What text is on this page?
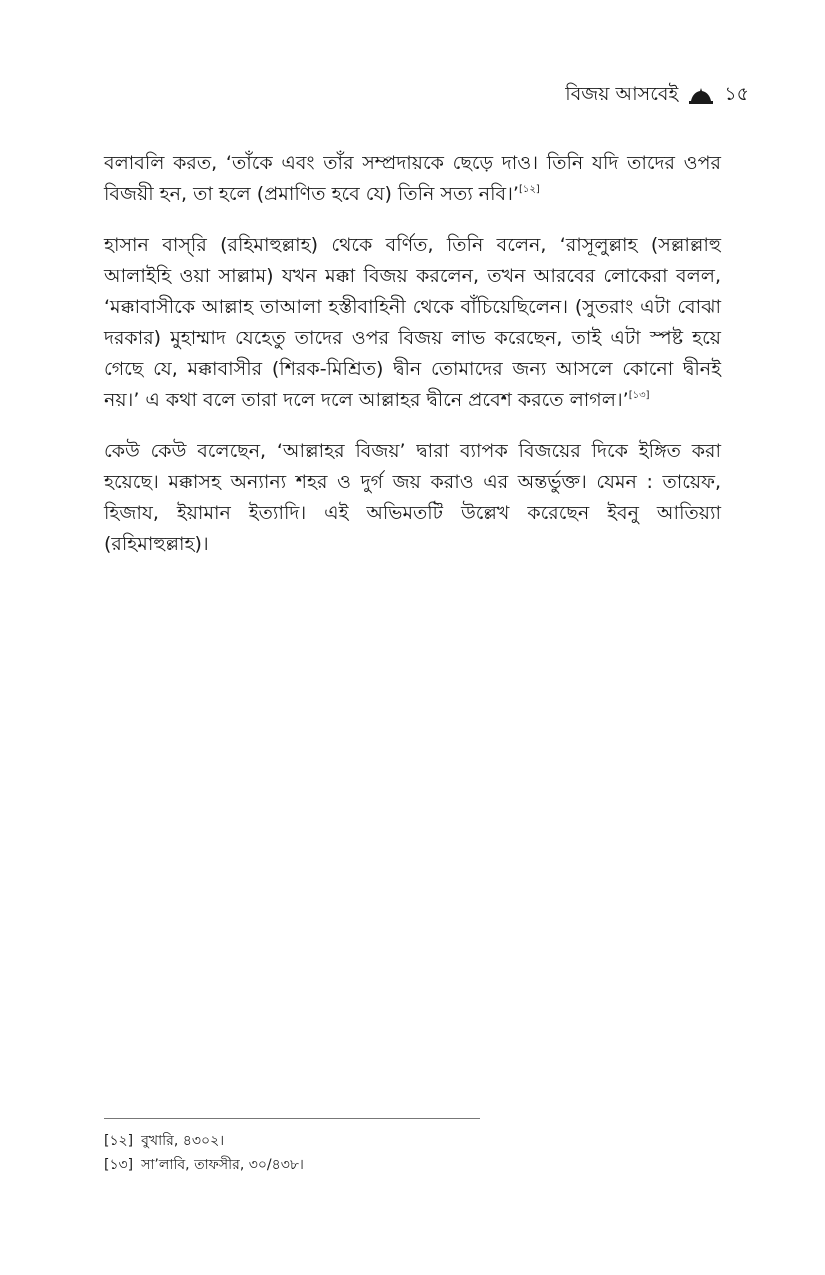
বিজয় আসবেই ১৫

বলাবলি করত, ‘তাঁকে এবং তাঁর সম্প্রদায়কে ছেড়ে দাও। তিনি যদি তাদের ওপর বিজয়ী হন, তা হলে (প্রমাণিত হবে যে) তিনি সত্য নবি।’[১২]

হাসান বাস্‌রি (রহিমাহুল্লাহ) থেকে বর্ণিত, তিনি বলেন, ‘রাসূলুল্লাহ (সল্লাল্লাহু আলাইহি ওয়া সাল্লাম) যখন মক্কা বিজয় করলেন, তখন আরবের লোকেরা বলল, ‘মক্কাবাসীকে আল্লাহ তাআলা হস্তীবাহিনী থেকে বাঁচিয়েছিলেন। (সুতরাং এটা বোঝা দরকার) মুহাম্মাদ যেহেতু তাদের ওপর বিজয় লাভ করেছেন, তাই এটা স্পষ্ট হয়ে গেছে যে, মক্কাবাসীর (শিরক-মিশ্রিত) দ্বীন তোমাদের জন্য আসলে কোনো দ্বীনই নয়।’ এ কথা বলে তারা দলে দলে আল্লাহর দ্বীনে প্রবেশ করতে লাগল।’[১৩]

কেউ কেউ বলেছেন, ‘আল্লাহর বিজয়’ দ্বারা ব্যাপক বিজয়ের দিকে ইঙ্গিত করা হয়েছে। মক্কাসহ অন্যান্য শহর ও দুর্গ জয় করাও এর অন্তর্ভুক্ত। যেমন : তায়েফ, হিজায, ইয়ামান ইত্যাদি। এই অভিমতটি উল্লেখ করেছেন ইবনু আতিয়্যা (রহিমাহুল্লাহ)।

[১২] বুখারি, ৪৩০২।
[১৩] সা’লাবি, তাফসীর, ৩০/৪৩৮।
